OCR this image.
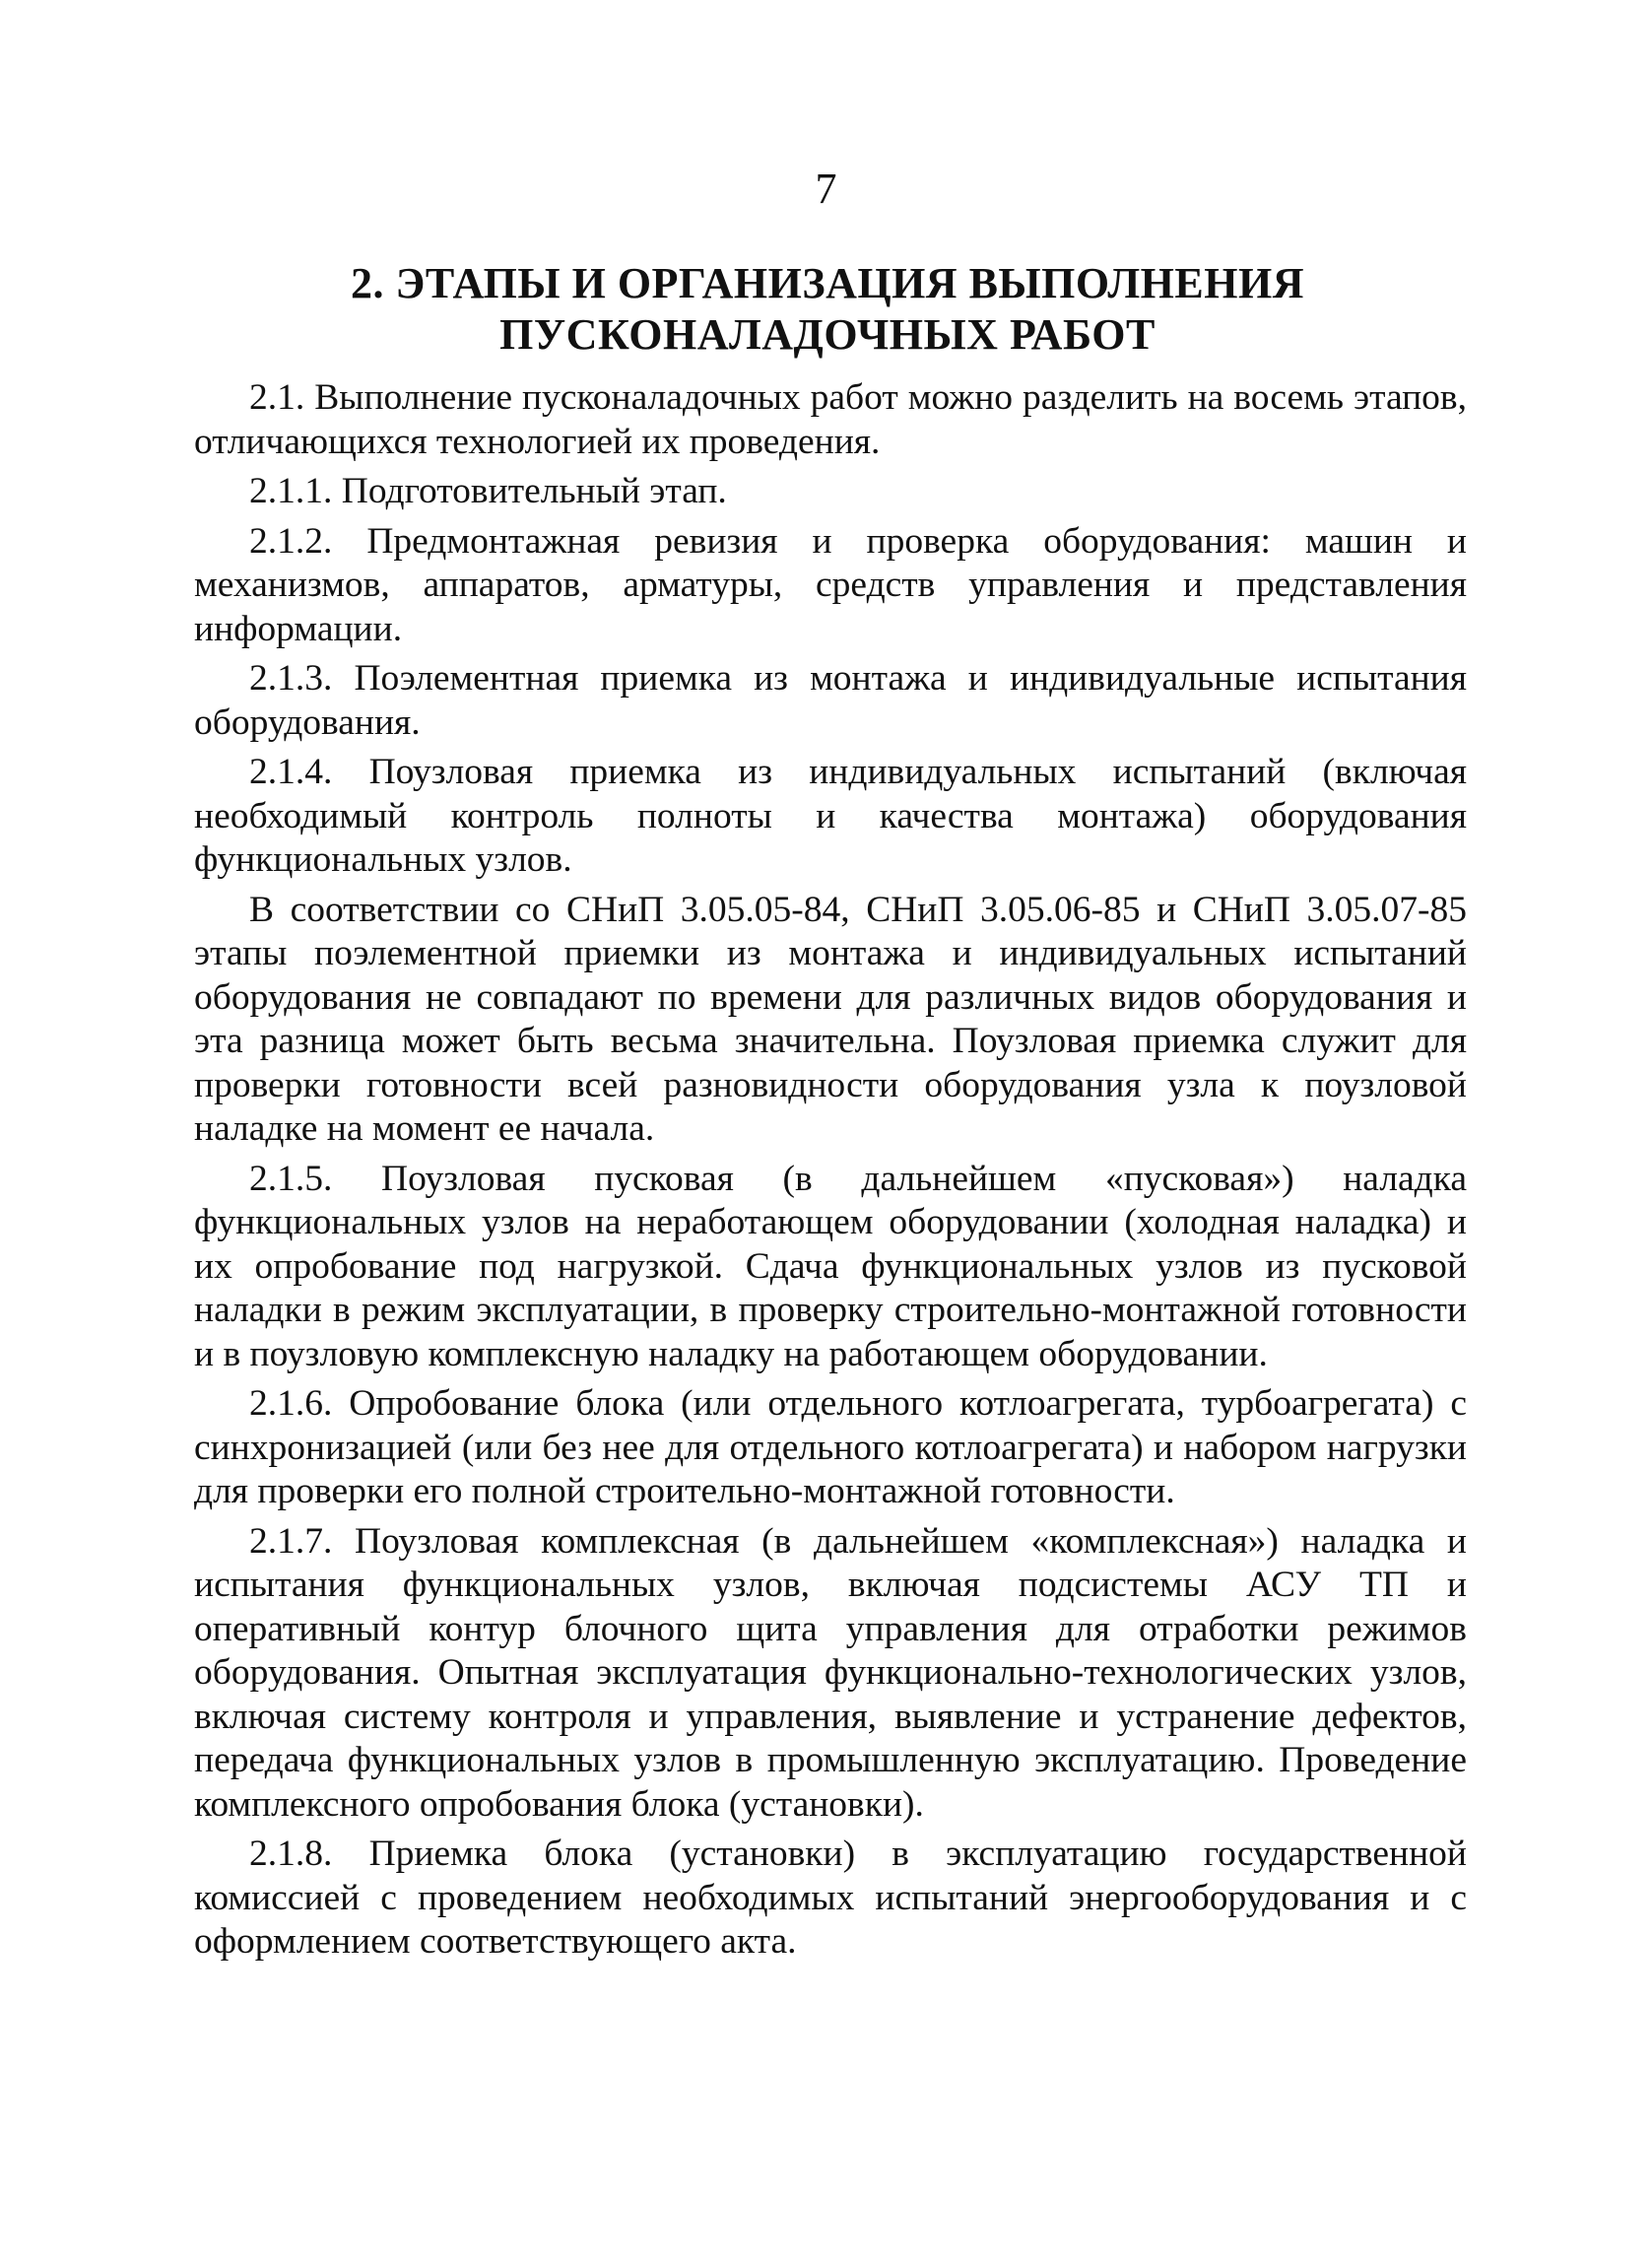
7
2. ЭТАПЫ И ОРГАНИЗАЦИЯ ВЫПОЛНЕНИЯ
ПУСКОНАЛАДОЧНЫХ РАБОТ

2.1. Выполнение пусконаладочных работ можно разделить на восемь этапов, отличающихся технологией их проведения.

2.1.1. Подготовительный этап.

2.1.2. Предмонтажная ревизия и проверка оборудования: машин и механизмов, аппаратов, арматуры, средств управления и представления информации.

2.1.3. Поэлементная приемка из монтажа и индивидуальные испытания оборудования.

2.1.4. Поузловая приемка из индивидуальных испытаний (включая необходимый контроль полноты и качества монтажа) оборудования функциональных узлов.

В соответствии со СНиП 3.05.05-84, СНиП 3.05.06-85 и СНиП 3.05.07-85 этапы поэлементной приемки из монтажа и индивидуальных испытаний оборудования не совпадают по времени для различных видов оборудования и эта разница может быть весьма значительна. Поузловая приемка служит для проверки готовности всей разновидности оборудования узла к поузловой наладке на момент ее начала.

2.1.5. Поузловая пусковая (в дальнейшем «пусковая») наладка функциональных узлов на неработающем оборудовании (холодная наладка) и их опробование под нагрузкой. Сдача функциональных узлов из пусковой наладки в режим эксплуатации, в проверку строительно-монтажной готовности и в поузловую комплексную наладку на работающем оборудовании.

2.1.6. Опробование блока (или отдельного котлоагрегата, турбоагрегата) с синхронизацией (или без нее для отдельного котлоагрегата) и набором нагрузки для проверки его полной строительно-монтажной готовности.

2.1.7. Поузловая комплексная (в дальнейшем «комплексная») наладка и испытания функциональных узлов, включая подсистемы АСУ ТП и оперативный контур блочного щита управления для отработки режимов оборудования. Опытная эксплуатация функционально-технологических узлов, включая систему контроля и управления, выявление и устранение дефектов, передача функциональных узлов в промышленную эксплуатацию. Проведение комплексного опробования блока (установки).

2.1.8. Приемка блока (установки) в эксплуатацию государственной комиссией с проведением необходимых испытаний энергооборудования и с оформлением соответствующего акта.
